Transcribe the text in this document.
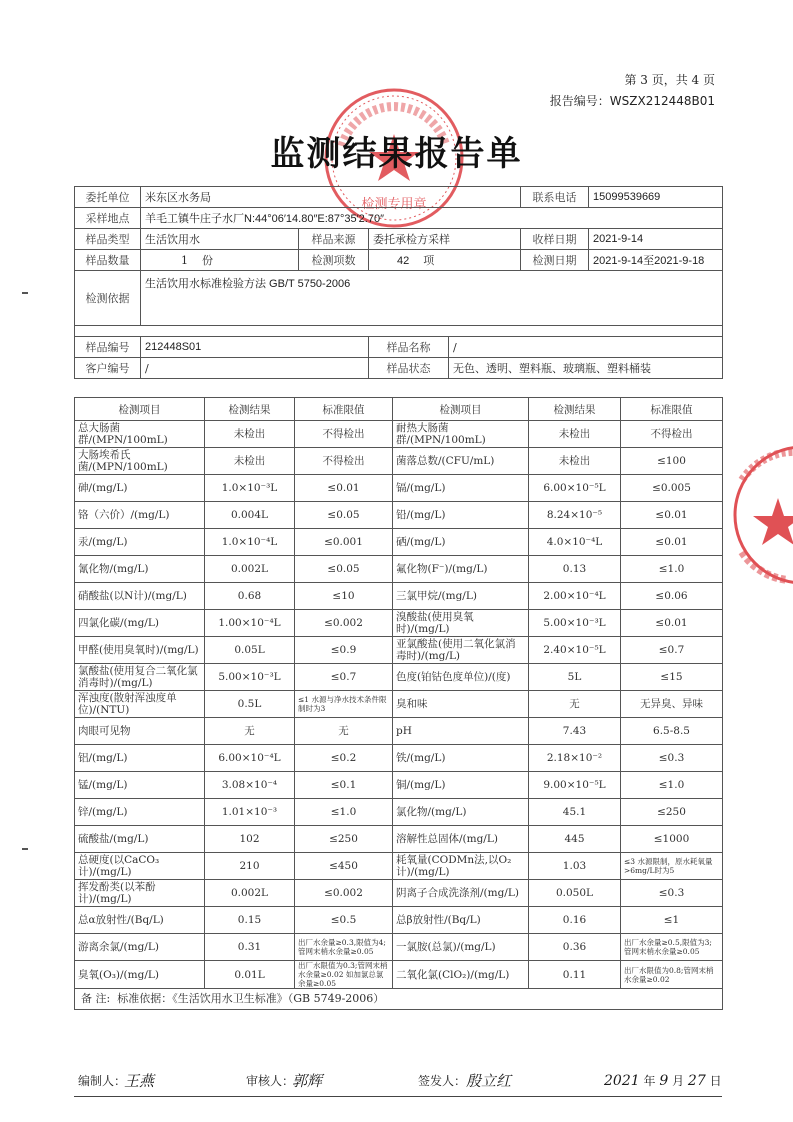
第 3 页，共 4 页
报告编号：WSZX212448B01
检测专用章
监测结果报告单
委托单位	米东区水务局				联系电话	15099539669
采样地点	羊毛工镇牛庄子水厂N:44°06′14.80″E:87°35′2.70″					
样品类型	生活饮用水	样品来源	委托承检方采样		收样日期	2021-9-14
样品数量	1 份	检测项数	42 项		检测日期	2021-9-14至2021-9-18
检测依据	生活饮用水标准检验方法 GB/T 5750-2006					

样品编号	212448S01		样品名称	/		
客户编号	/		样品状态	无色、透明、塑料瓶、玻璃瓶、塑料桶装		
检测项目	检测结果	标准限值	检测项目	检测结果	标准限值
总大肠菌群/(MPN/100mL)	未检出	不得检出	耐热大肠菌群/(MPN/100mL)	未检出	不得检出
大肠埃希氏菌/(MPN/100mL)	未检出	不得检出	菌落总数/(CFU/mL)	未检出	≤100
砷/(mg/L)	1.0×10⁻³L	≤0.01	镉/(mg/L)	6.00×10⁻⁵L	≤0.005
铬（六价）/(mg/L)	0.004L	≤0.05	铅/(mg/L)	8.24×10⁻⁵	≤0.01
汞/(mg/L)	1.0×10⁻⁴L	≤0.001	硒/(mg/L)	4.0×10⁻⁴L	≤0.01
氰化物/(mg/L)	0.002L	≤0.05	氟化物(F⁻)/(mg/L)	0.13	≤1.0
硝酸盐(以N计)/(mg/L)	0.68	≤10	三氯甲烷/(mg/L)	2.00×10⁻⁴L	≤0.06
四氯化碳/(mg/L)	1.00×10⁻⁴L	≤0.002	溴酸盐(使用臭氧时)/(mg/L)	5.00×10⁻³L	≤0.01
甲醛(使用臭氧时)/(mg/L)	0.05L	≤0.9	亚氯酸盐(使用二氧化氯消毒时)/(mg/L)	2.40×10⁻⁵L	≤0.7
氯酸盐(使用复合二氧化氯消毒时)/(mg/L)	5.00×10⁻³L	≤0.7	色度(铂钴色度单位)/(度)	5L	≤15
浑浊度(散射浑浊度单位)/(NTU)	0.5L	≤1 水源与净水技术条件限制时为3	臭和味	无	无异臭、异味
肉眼可见物	无	无	pH	7.43	6.5-8.5
铝/(mg/L)	6.00×10⁻⁴L	≤0.2	铁/(mg/L)	2.18×10⁻²	≤0.3
锰/(mg/L)	3.08×10⁻⁴	≤0.1	铜/(mg/L)	9.00×10⁻⁵L	≤1.0
锌/(mg/L)	1.01×10⁻³	≤1.0	氯化物/(mg/L)	45.1	≤250
硫酸盐/(mg/L)	102	≤250	溶解性总固体/(mg/L)	445	≤1000
总硬度(以CaCO₃计)/(mg/L)	210	≤450	耗氧量(CODMn法,以O₂计)/(mg/L)	1.03	≤3 水源限制，原水耗氧量>6mg/L时为5
挥发酚类(以苯酚计)/(mg/L)	0.002L	≤0.002	阴离子合成洗涤剂/(mg/L)	0.050L	≤0.3
总α放射性/(Bq/L)	0.15	≤0.5	总β放射性/(Bq/L)	0.16	≤1
游离余氯/(mg/L)	0.31	出厂水余量≥0.3,限值为4;管网末梢水余量≥0.05	一氯胺(总氯)/(mg/L)	0.36	出厂水余量≥0.5,限值为3;管网末梢水余量≥0.05
臭氧(O₃)/(mg/L)	0.01L	出厂水限值为0.3;管网末梢水余量≥0.02 如加氯总氯余量≥0.05	二氧化氯(ClO₂)/(mg/L)	0.11	出厂水限值为0.8;管网末梢水余量≥0.02
备 注: 标准依据：《生活饮用水卫生标准》（GB 5749-2006）					
编制人：
王燕	审核人：
郭辉	签发人： 殷立红	2021 年 9 月 27 日
